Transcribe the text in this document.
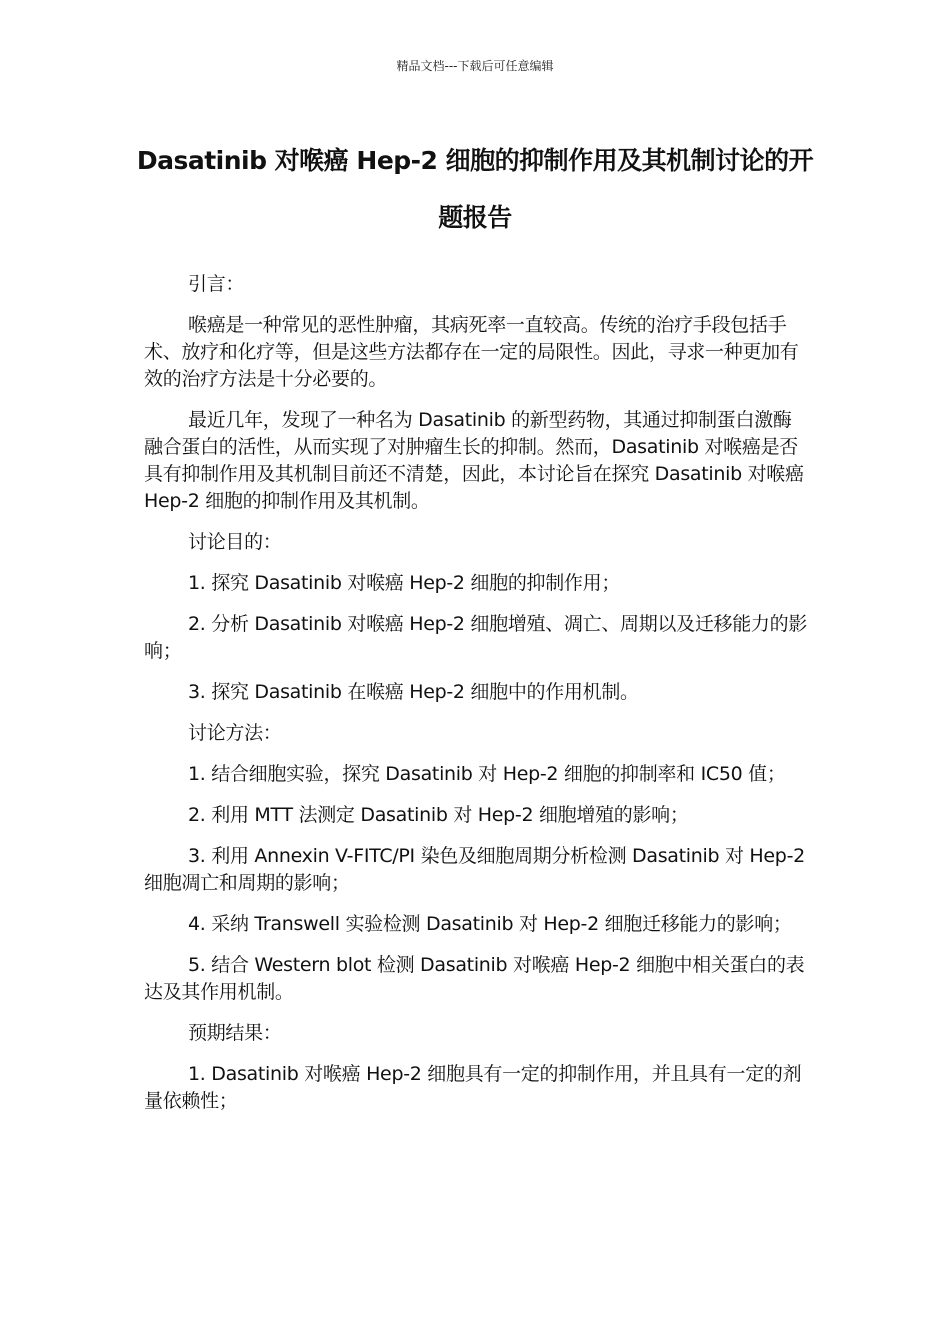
精品文档---下载后可任意编辑
Dasatinib 对喉癌 Hep-2 细胞的抑制作用及其机制讨论的开题报告

引言：

喉癌是一种常见的恶性肿瘤，其病死率一直较高。传统的治疗手段包括手术、放疗和化疗等，但是这些方法都存在一定的局限性。因此，寻求一种更加有效的治疗方法是十分必要的。

最近几年，发现了一种名为 Dasatinib 的新型药物，其通过抑制蛋白激酶融合蛋白的活性，从而实现了对肿瘤生长的抑制。然而，Dasatinib 对喉癌是否具有抑制作用及其机制目前还不清楚，因此，本讨论旨在探究 Dasatinib 对喉癌 Hep-2 细胞的抑制作用及其机制。

讨论目的：

1. 探究 Dasatinib 对喉癌 Hep-2 细胞的抑制作用；

2. 分析 Dasatinib 对喉癌 Hep-2 细胞增殖、凋亡、周期以及迁移能力的影响；

3. 探究 Dasatinib 在喉癌 Hep-2 细胞中的作用机制。

讨论方法：

1. 结合细胞实验，探究 Dasatinib 对 Hep-2 细胞的抑制率和 IC50 值；

2. 利用 MTT 法测定 Dasatinib 对 Hep-2 细胞增殖的影响；

3. 利用 Annexin V-FITC/PI 染色及细胞周期分析检测 Dasatinib 对 Hep-2 细胞凋亡和周期的影响；

4. 采纳 Transwell 实验检测 Dasatinib 对 Hep-2 细胞迁移能力的影响；

5. 结合 Western blot 检测 Dasatinib 对喉癌 Hep-2 细胞中相关蛋白的表达及其作用机制。

预期结果：

1. Dasatinib 对喉癌 Hep-2 细胞具有一定的抑制作用，并且具有一定的剂量依赖性；
